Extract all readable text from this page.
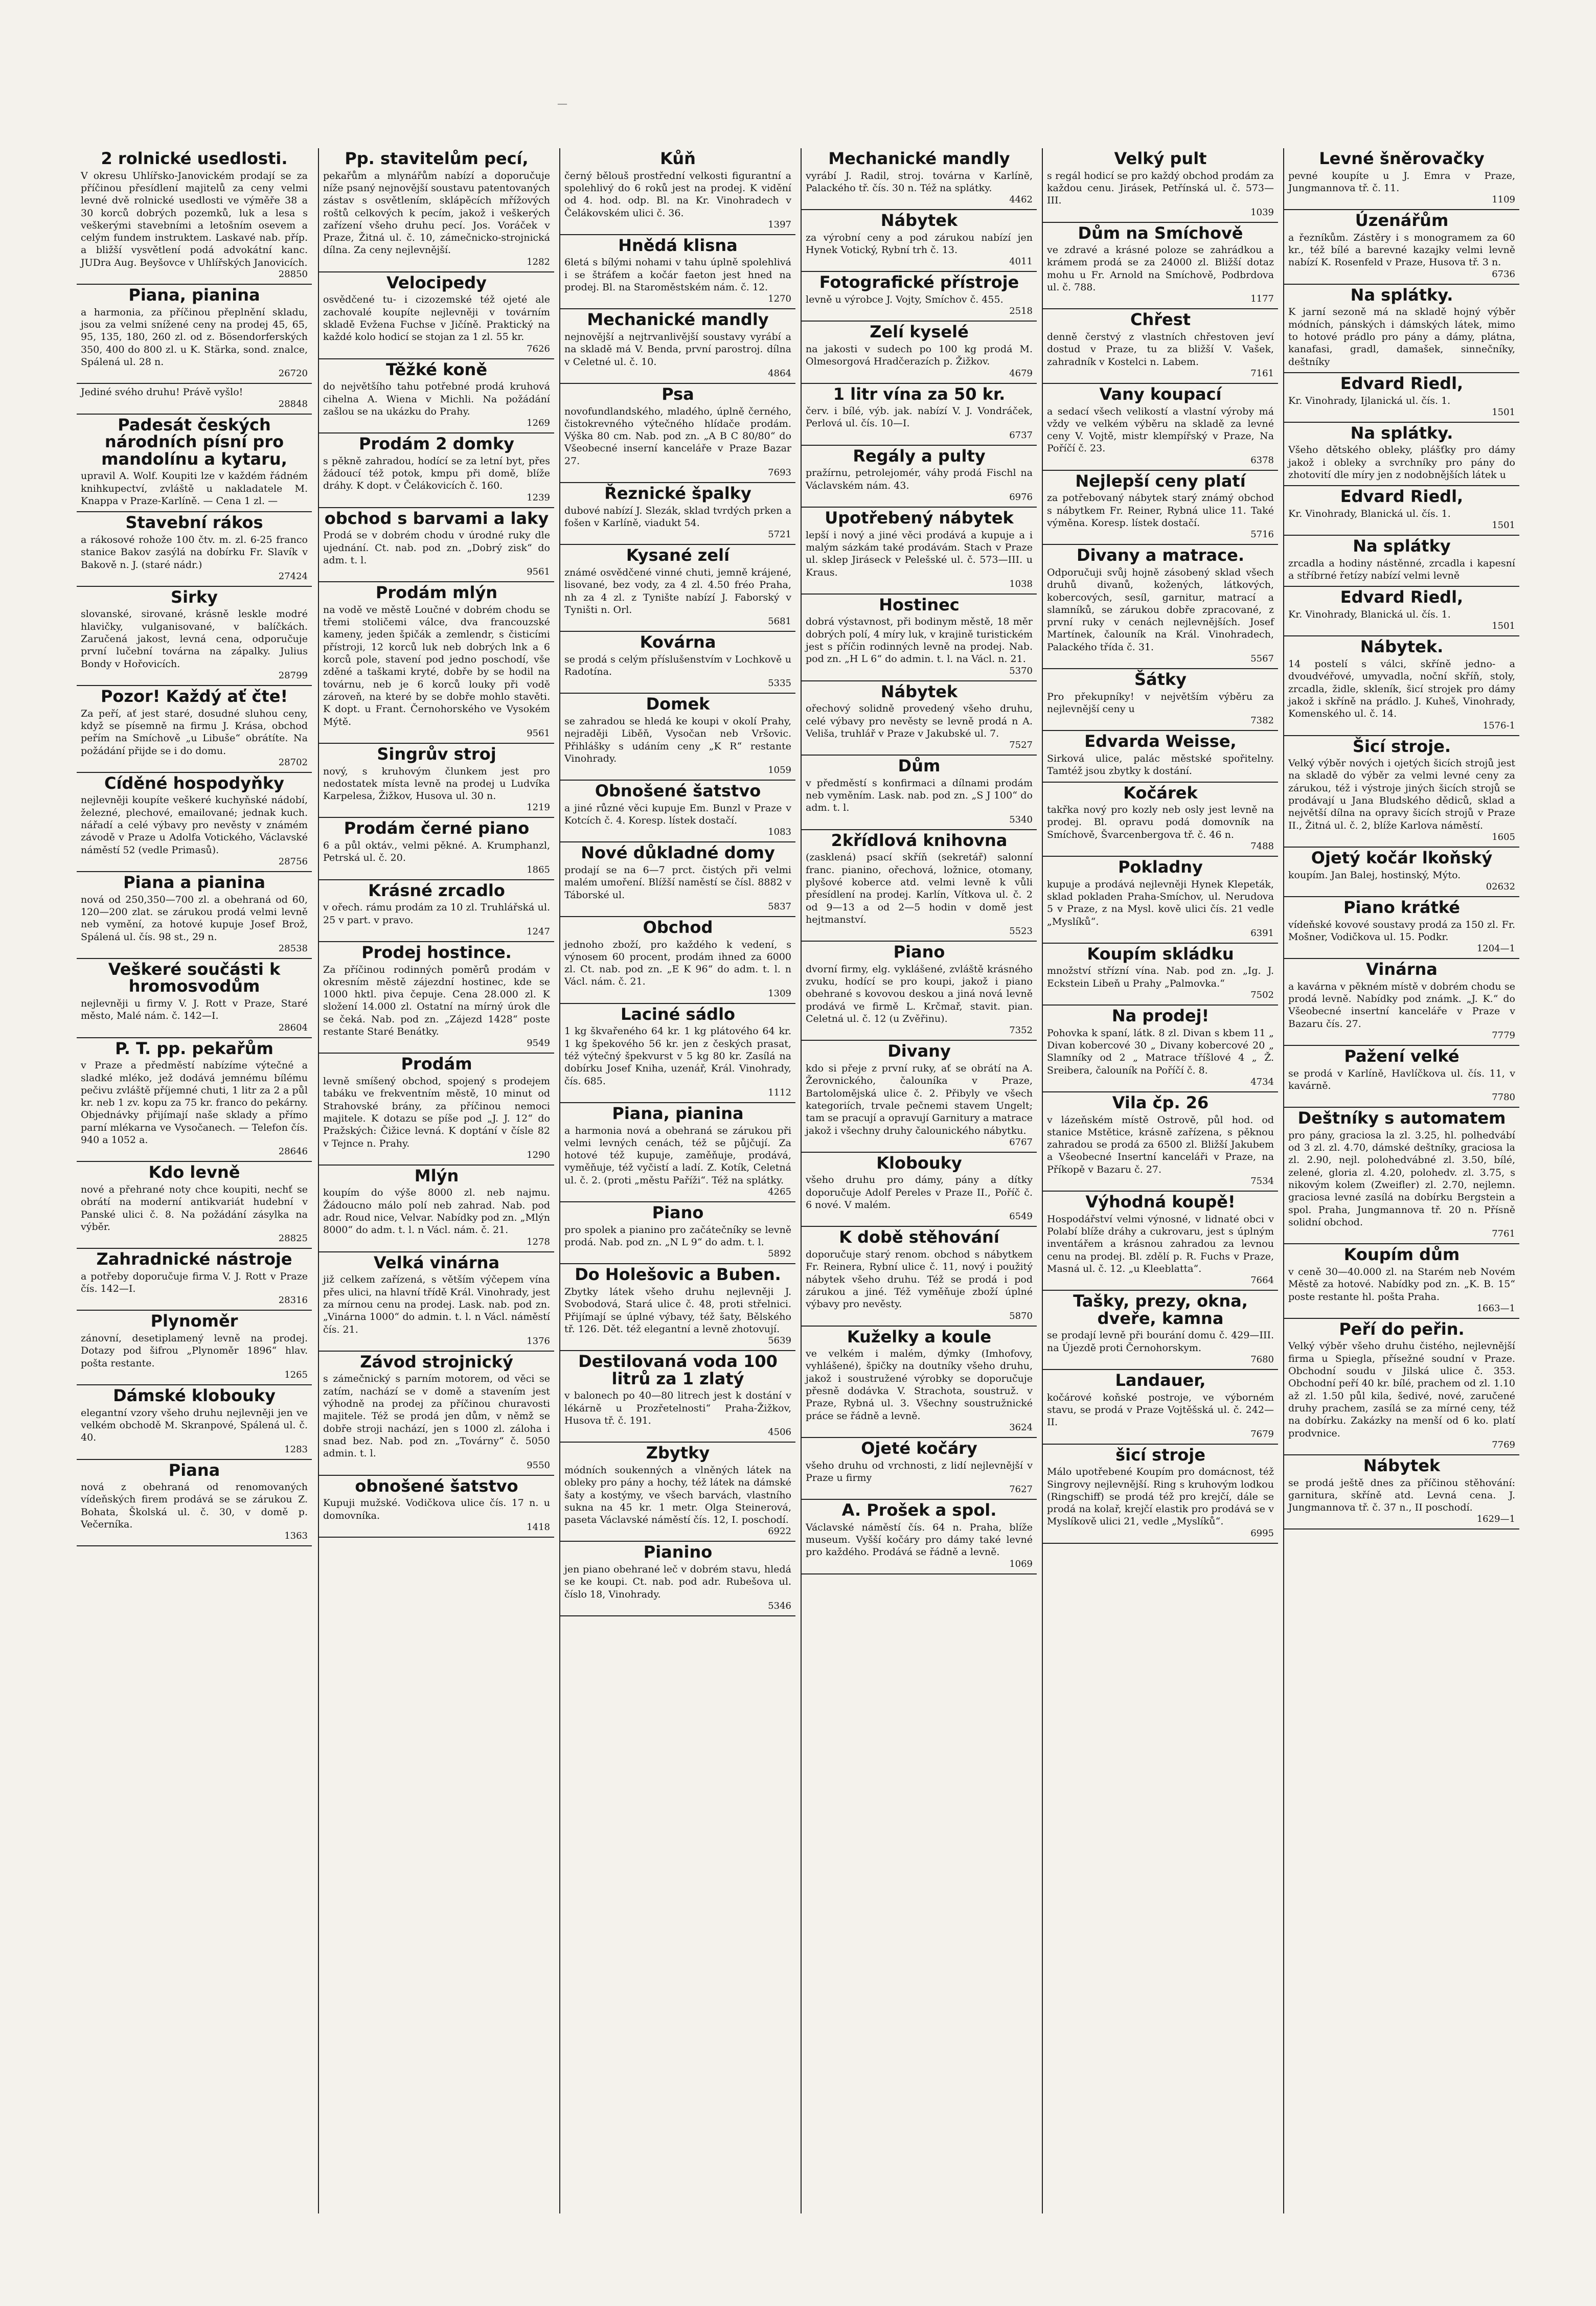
—
2 rolnické usedlosti.

V okresu Uhlířsko-Janovickém prodají se za příčinou přesídlení majitelů za ceny velmi levné dvě rolnické usedlosti ve výměře 38 a 30 korců dobrých pozemků, luk a lesa s veškerými stavebními a letošním osevem a celým fundem instruktem. Laskavé nab. příp. a bližší vysvětlení podá advokátní kanc. JUDra Aug. Beyšovce v Uhlířských Janovicích.

28850
Piana, pianina

a harmonia, za příčinou přeplnění skladu, jsou za velmi snížené ceny na prodej 45, 65, 95, 135, 180, 260 zl. od z. Bösendorferských 350, 400 do 800 zl. u K. Stärka, sond. znalce, Spálená ul. 28 n.

26720

Jediné svého druhu! Právě vyšlo!

28848
Padesát českých národních písní pro mandolínu a kytaru,

upravil A. Wolf. Koupiti lze v každém řádném knihkupectví, zvláště u nakladatele M. Knappa v Praze-Karlíně. — Cena 1 zl. —

Stavební rákos

a rákosové rohože 100 čtv. m. zl. 6-25 franco stanice Bakov zasýlá na dobírku Fr. Slavík v Bakově n. J. (staré nádr.)

27424
Sirky

slovanské, sirované, krásně leskle modré hlavičky, vulganisované, v balíčkách. Zaručená jakost, levná cena, odporučuje první lučební továrna na zápalky. Julius Bondy v Hořovicích.

28799
Pozor! Každý ať čte!

Za peří, ať jest staré, dosudné sluhou ceny, když se písemně na firmu J. Krása, obchod peřím na Smíchově „u Libuše“ obrátíte. Na požádání přijde se i do domu.

28702
Cíděné hospodyňky

nejlevněji koupíte veškeré kuchyňské nádobí, železné, plechové, emailované; jednak kuch. nářadí a celé výbavy pro nevěsty v známém závodě v Praze u Adolfa Votického, Václavské náměstí 52 (vedle Primasů).

28756
Piana a pianina

nová od 250,350—700 zl. a obehraná od 60, 120—200 zlat. se zárukou prodá velmi levně neb vymění, za hotové kupuje Josef Brož, Spálená ul. čís. 98 st., 29 n.

28538
Veškeré součásti k hromosvodům

nejlevněji u firmy V. J. Rott v Praze, Staré město, Malé nám. č. 142—I.

28604
P. T. pp. pekařům

v Praze a předměstí nabízíme výtečné a sladké mléko, jež dodává jemnému bílému pečivu zvláště příjemné chuti, 1 litr za 2 a půl kr. neb 1 zv. kopu za 75 kr. franco do pekárny. Objednávky přijímají naše sklady a přímo parní mlékarna ve Vysočanech. — Telefon čís. 940 a 1052 a.

28646
Kdo levně

nové a přehrané noty chce koupiti, nechť se obrátí na moderní antikvariát hudební v Panské ulici č. 8. Na požádání zásylka na výběr.

28825
Zahradnické nástroje

a potřeby doporučuje firma V. J. Rott v Praze čís. 142—I.

28316
Plynoměr

zánovní, desetiplamený levně na prodej. Dotazy pod šifrou „Plynoměr 1896“ hlav. pošta restante.

1265
Dámské klobouky

elegantní vzory všeho druhu nejlevněji jen ve velkém obchodě M. Skranpové, Spálená ul. č. 40.

1283
Piana

nová z obehraná od renomovaných vídeňských firem prodává se se zárukou Z. Bohata, Školská ul. č. 30, v domě p. Večerníka.

1363
Pp. stavitelům pecí,

pekařům a mlynářům nabízí a doporučuje níže psaný nejnovější soustavu patentovaných zástav s osvětlením, sklápěcích mřížových roštů celkových k pecím, jakož i veškerých zařízení všeho druhu pecí. Jos. Voráček v Praze, Žitná ul. č. 10, zámečnicko-strojnická dílna. Za ceny nejlevnější.

1282
Velocipedy

osvědčené tu- i cizozemské též ojeté ale zachovalé koupíte nejlevněji v továrním skladě Evžena Fuchse v Jičíně. Praktický na každé kolo hodicí se stojan za 1 zl. 55 kr.

7626
Těžké koně

do největšího tahu potřebné prodá kruhová cihelna A. Wiena v Michli. Na požádání zašlou se na ukázku do Prahy.

1269
Prodám 2 domky

s pěkně zahradou, hodící se za letní byt, přes žádoucí též potok, kmpu při domě, blíže dráhy. K dopt. v Čelákovicích č. 160.

1239
obchod s barvami a laky

Prodá se v dobrém chodu v úrodné ruky dle ujednání. Ct. nab. pod zn. „Dobrý zisk“ do adm. t. l.

9561
Prodám mlýn

na vodě ve městě Loučné v dobrém chodu se třemi stoličemi válce, dva francouzské kameny, jeden špičák a zemlendr, s čisticími přístroji, 12 korců luk neb dobrých lnk a 6 korců pole, stavení pod jedno poschodí, vše zděné a taškami kryté, dobře by se hodil na továrnu, neb je 6 korců louky při vodě zároveň, na které by se dobře mohlo stavěti. K dopt. u Frant. Černohorského ve Vysokém Mýtě.

9561
Singrův stroj

nový, s kruhovým člunkem jest pro nedostatek místa levně na prodej u Ludvíka Karpelesa, Žižkov, Husova ul. 30 n.

1219
Prodám černé piano

6 a půl oktáv., velmi pěkné. A. Krumphanzl, Petrská ul. č. 20.

1865
Krásné zrcadlo

v ořech. rámu prodám za 10 zl. Truhlářská ul. 25 v part. v pravo.

1247
Prodej hostince.

Za příčinou rodinných poměrů prodám v okresním městě zájezdní hostinec, kde se 1000 hktl. piva čepuje. Cena 28.000 zl. K složení 14.000 zl. Ostatní na mírný úrok dle se čeká. Nab. pod zn. „Zájezd 1428“ poste restante Staré Benátky.

9549
Prodám

levně smíšený obchod, spojený s prodejem tabáku ve frekventním městě, 10 minut od Strahovské brány, za příčinou nemoci majitele. K dotazu se píše pod „J. J. 12“ do Pražských: Čižice levná. K doptání v čísle 82 v Tejnce n. Prahy.

1290
Mlýn

koupím do výše 8000 zl. neb najmu. Žádoucno málo polí neb zahrad. Nab. pod adr. Roud nice, Velvar. Nabídky pod zn. „Mlýn 8000“ do adm. t. l. n Václ. nám. č. 21.

1278
Velká vinárna

již celkem zařízená, s větším výčepem vína přes ulici, na hlavní třídě Král. Vinohrady, jest za mírnou cenu na prodej. Lask. nab. pod zn. „Vinárna 1000“ do admin. t. l. n Václ. náměstí čís. 21.

1376
Závod strojnický

s zámečnický s parním motorem, od věci se zatím, nachází se v domě a stavením jest výhodně na prodej za příčinou churavosti majitele. Též se prodá jen dům, v němž se dobře stroji nachází, jen s 1000 zl. záloha i snad bez. Nab. pod zn. „Továrny“ č. 5050 admin. t. l.

9550
obnošené šatstvo

Kupuji mužské. Vodičkova ulice čís. 17 n. u domovníka.

1418
Kůň

černý bělouš prostřední velkosti figurantní a spolehlivý do 6 roků jest na prodej. K vidění od 4. hod. odp. Bl. na Kr. Vinohradech v Čelákovském ulici č. 36.

1397
Hnědá klisna

6letá s bílými nohami v tahu úplně spolehlivá i se štráfem a kočár faeton jest hned na prodej. Bl. na Staroměstském nám. č. 12.

1270
Mechanické mandly

nejnovější a nejtrvanlivější soustavy vyrábí a na skladě má V. Benda, první parostroj. dílna v Celetné ul. č. 10.

4864
Psa

novofundlandského, mladého, úplně černého, čistokrevného výtečného hlídače prodám. Výška 80 cm. Nab. pod zn. „A B C 80/80“ do Všeobecné inserní kanceláře v Praze Bazar 27.

7693
Řeznické špalky

dubové nabízí J. Slezák, sklad tvrdých prken a fošen v Karlíně, viadukt 54.

5721
Kysané zelí

známé osvědčené vinné chuti, jemně krájené, lisované, bez vody, za 4 zl. 4.50 fréo Praha, nh za 4 zl. z Tynište nabízí J. Faborský v Tyništi n. Orl.

5681
Kovárna

se prodá s celým příslušenstvím v Lochkově u Radotína.

5335
Domek

se zahradou se hledá ke koupi v okolí Prahy, nejraději Liběň, Vysočan neb Vršovic. Přihlášky s udáním ceny „K R“ restante Vinohrady.

1059
Obnošené šatstvo

a jiné různé věci kupuje Em. Bunzl v Praze v Kotcích č. 4. Koresp. lístek dostačí.

1083
Nové důkladné domy

prodají se na 6—7 prct. čistých při velmi malém umoření. Blížší naměstí se čísl. 8882 v Táborské ul.

5837
Obchod

jednoho zboží, pro každého k vedení, s výnosem 60 procent, prodám ihned za 6000 zl. Ct. nab. pod zn. „E K 96“ do adm. t. l. n Václ. nám. č. 21.

1309
Laciné sádlo

1 kg škvařeného 64 kr. 1 kg plátového 64 kr. 1 kg špekového 56 kr. jen z českých prasat, též výtečný špekvurst v 5 kg 80 kr. Zasílá na dobírku Josef Kniha, uzenář, Král. Vinohrady, čís. 685.

1112
Piana, pianina

a harmonia nová a obehraná se zárukou při velmi levných cenách, též se půjčují. Za hotové též kupuje, zaměňuje, prodává, vyměňuje, též vyčistí a ladí. Z. Kotík, Celetná ul. č. 2. (proti „městu Paříži“. Též na splátky.

4265
Piano

pro spolek a pianino pro začátečníky se levně prodá. Nab. pod zn. „N L 9“ do adm. t. l.

5892
Do Holešovic a Buben.

Zbytky látek všeho druhu nejlevněji J. Svobodová, Stará ulice č. 48, proti střelnici. Přijímají se úplné výbavy, též šaty, Bělského tř. 126. Dět. též elegantní a levně zhotovují.

5639
Destilovaná voda 100 litrů za 1 zlatý

v balonech po 40—80 litrech jest k dostání v lékárně u Prozřetelnosti“ Praha-Žižkov, Husova tř. č. 191.

4506
Zbytky

módních soukenných a vlněných látek na obleky pro pány a hochy, též látek na dámské šaty a kostýmy, ve všech barvách, vlastního sukna na 45 kr. 1 metr. Olga Steinerová, paseta Václavské náměstí čís. 12, I. poschodí.

6922
Pianino

jen piano obehrané leč v dobrém stavu, hledá se ke koupi. Ct. nab. pod adr. Rubešova ul. číslo 18, Vinohrady.

5346
Mechanické mandly

vyrábí J. Radil, stroj. továrna v Karlíně, Palackého tř. čís. 30 n. Též na splátky.

4462
Nábytek

za výrobní ceny a pod zárukou nabízí jen Hynek Votický, Rybní trh č. 13.

4011
Fotografické přístroje

levně u výrobce J. Vojty, Smíchov č. 455.

2518
Zelí kyselé

na jakosti v sudech po 100 kg prodá M. Olmesorgová Hradčerazích p. Žižkov.

4679
1 litr vína za 50 kr.

červ. i bílé, výb. jak. nabízí V. J. Vondráček, Perlová ul. čís. 10—I.

6737
Regály a pulty

pražírnu, petrolejomér, váhy prodá Fischl na Václavském nám. 43.

6976
Upotřebený nábytek

lepší i nový a jiné věci prodává a kupuje a i malým sázkám také prodávám. Stach v Praze ul. sklep Jiráseck v Pelešské ul. č. 573—III. u Kraus.

1038
Hostinec

dobrá výstavnost, při bodinym městě, 18 měr dobrých polí, 4 míry luk, v krajině turistickém jest s příčin rodinných levně na prodej. Nab. pod zn. „H L 6“ do admin. t. l. na Václ. n. 21.

5370
Nábytek

ořechový solidně provedený všeho druhu, celé výbavy pro nevěsty se levně prodá n A. Veliša, truhlář v Praze v Jakubské ul. 7.

7527
Dům

v předměstí s konfirmaci a dílnami prodám neb vyměním. Lask. nab. pod zn. „S J 100“ do adm. t. l.

5340
2křídlová knihovna

(zasklená) psací skříň (sekretář) salonní franc. pianino, ořechová, ložnice, otomany, plyšové koberce atd. velmi levně k vůli přesídlení na prodej. Karlín, Vítkova ul. č. 2 od 9—13 a od 2—5 hodin v domě jest hejtmanství.

5523
Piano

dvorní firmy, elg. vyklášené, zvláště krásného zvuku, hodící se pro koupi, jakož i piano obehrané s kovovou deskou a jiná nová levně prodává ve firmě L. Krčmař, stavit. pian. Celetná ul. č. 12 (u Zvěřinu).

7352
Divany

kdo si přeje z první ruky, ať se obrátí na A. Žerovnického, čalouníka v Praze, Bartolomějská ulice č. 2. Přibyly ve všech kategoriích, trvale pečnemi stavem Ungelt; tam se pracují a opravují Garnitury a matrace jakož i všechny druhy čalounického nábytku.

6767
Klobouky

všeho druhu pro dámy, pány a dítky doporučuje Adolf Pereles v Praze II., Poříč č. 6 nové. V malém.

6549
K době stěhování

doporučuje starý renom. obchod s nábytkem Fr. Reinera, Rybní ulice č. 11, nový i použitý nábytek všeho druhu. Též se prodá i pod zárukou a jiné. Též vyměňuje zboží úplné výbavy pro nevěsty.

5870
Kuželky a koule

ve velkém i malém, dýmky (Imhofovy, vyhlášené), špičky na doutníky všeho druhu, jakož i soustružené výrobky se doporučuje přesně dodávka V. Strachota, soustruž. v Praze, Rybná ul. 3. Všechny soustružnické práce se řádně a levně.

3624
Ojeté kočáry

všeho druhu od vrchnosti, z lidí nejlevnější v Praze u firmy

7627
A. Prošek a spol.

Václavské náměstí čís. 64 n. Praha, blíže museum. Vyšší kočáry pro dámy také levné pro každého. Prodává se řádně a levně.

1069
Velký pult

s regál hodicí se pro každý obchod prodám za každou cenu. Jirásek, Petřínská ul. č. 573—III.

1039
Dům na Smíchově

ve zdravé a krásné poloze se zahrádkou a krámem prodá se za 24000 zl. Bližší dotaz mohu u Fr. Arnold na Smíchově, Podbrdova ul. č. 788.

1177
Chřest

denně čerstvý z vlastních chřestoven jeví dostud v Praze, tu za bližší V. Vašek, zahradník v Kostelci n. Labem.

7161
Vany koupací

a sedací všech velikostí a vlastní výroby má vždy ve velkém výběru na skladě za levné ceny V. Vojtě, mistr klempířský v Praze, Na Poříčí č. 23.

6378
Nejlepší ceny platí

za potřebovaný nábytek starý známý obchod s nábytkem Fr. Reiner, Rybná ulice 11. Také výměna. Koresp. lístek dostačí.

5716
Divany a matrace.

Odporučuji svůj hojně zásobený sklad všech druhů divanů, kožených, látkových, kobercových, sesíl, garnitur, matrací a slamníků, se zárukou dobře zpracované, z první ruky v cenách nejlevnějších. Josef Martínek, čalouník na Král. Vinohradech, Palackého třída č. 31.

5567
Šátky

Pro překupníky! v největším výběru za nejlevnější ceny u

7382
Edvarda Weisse,

Sirková ulice, palác městské spořitelny. Tamtéž jsou zbytky k dostání.

Kočárek

takřka nový pro kozly neb osly jest levně na prodej. Bl. opravu podá domovník na Smíchově, Švarcenbergova tř. č. 46 n.

7488
Pokladny

kupuje a prodává nejlevněji Hynek Klepeták, sklad pokladen Praha-Smíchov, ul. Nerudova 5 v Praze, z na Mysl. kově ulici čís. 21 vedle „Myslíků“.

6391
Koupím skládku

množství střízní vína. Nab. pod zn. „Ig. J. Eckstein Libeň u Prahy „Palmovka.“

7502
Na prodej!

Pohovka k spaní, látk. 8 zl. Divan s kbem 11 „ Divan kobercové 30 „ Divany kobercové 20 „ Slamníky od 2 „ Matrace tříšlové 4 „ Ž. Sreibera, čalouník na Poříčí č. 8.

4734
Vila čp. 26

v lázeňském místě Ostrově, půl hod. od stanice Mstětice, krásně zařízena, s pěknou zahradou se prodá za 6500 zl. Bližší Jakubem a Všeobecné Insertní kanceláři v Praze, na Příkopě v Bazaru č. 27.

7534
Výhodná koupě!

Hospodářství velmi výnosné, v lidnaté obci v Polabí blíže dráhy a cukrovaru, jest s úplným inventářem a krásnou zahradou za levnou cenu na prodej. Bl. zdělí p. R. Fuchs v Praze, Masná ul. č. 12. „u Kleeblatta“.

7664
Tašky, prezy, okna, dveře, kamna

se prodají levně při bourání domu č. 429—III. na Újezdě proti Černohorskym.

7680
Landauer,

kočárové koňské postroje, ve výborném stavu, se prodá v Praze Vojtěšská ul. č. 242—II.

7679
šicí stroje

Málo upotřebené Koupím pro domácnost, též Singrovy nejlevnější. Ring s kruhovým lodkou (Ringschiff) se prodá též pro krejčí, dále se prodá na kolař, krejčí elastik pro prodává se v Myslíkově ulici 21, vedle „Myslíků“.

6995
Levné šněrovačky

pevné koupíte u J. Emra v Praze, Jungmannova tř. č. 11.

1109
Úzenářům

a řezníkům. Zástěry i s monogramem za 60 kr., též bílé a barevné kazajky velmi levně nabízí K. Rosenfeld v Praze, Husova tř. 3 n.

6736
Na splátky.

K jarní sezoně má na skladě hojný výběr módních, pánských i dámských látek, mimo to hotové prádlo pro pány a dámy, plátna, kanafasi, gradl, damašek, sinnečníky, deštníky

Edvard Riedl,

Kr. Vinohrady, Ijlanická ul. čís. 1.

1501
Na splátky.

Všeho dětského obleky, plášťky pro dámy jakož i obleky a svrchníky pro pány do zhotovití dle míry jen z nodobnějších látek u

Edvard Riedl,

Kr. Vinohrady, Blanická ul. čís. 1.

1501
Na splátky

zrcadla a hodiny nástěnné, zrcadla i kapesní a stříbrné řetízy nabízí velmi levně

Edvard Riedl,

Kr. Vinohrady, Blanická ul. čís. 1.

1501
Nábytek.

14 postelí s válci, skříně jedno- a dvoudvéřové, umyvadla, noční skříň, stoly, zrcadla, židle, skleník, šicí strojek pro dámy jakož i skříně na prádlo. J. Kuheš, Vinohrady, Komenského ul. č. 14.

1576-1
Šicí stroje.

Velký výběr nových i ojetých šicích strojů jest na skladě do výběr za velmi levné ceny za zárukou, též i výstroje jiných šicích strojů se prodávají u Jana Bludského dědiců, sklad a největší dílna na opravy šicích strojů v Praze II., Žitná ul. č. 2, blíže Karlova náměstí.

1605
Ojetý kočár lkoňský

koupím. Jan Balej, hostinský, Mýto.

02632
Piano krátké

vídeňské kovové soustavy prodá za 150 zl. Fr. Mošner, Vodičkova ul. 15. Podkr.

1204—1
Vinárna

a kavárna v pěkném místě v dobrém chodu se prodá levně. Nabídky pod známk. „J. K.“ do Všeobecné insertní kanceláře v Praze v Bazaru čís. 27.

7779
Pažení velké

se prodá v Karlíně, Havlíčkova ul. čís. 11, v kavárně.

7780
Deštníky s automatem

pro pány, graciosa la zl. 3.25, hl. polhedvábí od 3 zl. zl. 4.70, dámské deštníky, graciosa la zl. 2.90, nejl. polohedvábné zl. 3.50, bílé, zelené, gloria zl. 4.20, polohedv. zl. 3.75, s nikovým kolem (Zweifler) zl. 2.70, nejlemn. graciosa levné zasílá na dobírku Bergstein a spol. Praha, Jungmannova tř. 20 n. Přísně solidní obchod.

7761
Koupím dům

v ceně 30—40.000 zl. na Starém neb Novém Městě za hotové. Nabídky pod zn. „K. B. 15“ poste restante hl. pošta Praha.

1663—1
Peří do peřin.

Velký výběr všeho druhu čistého, nejlevnější firma u Spiegla, přísežné soudní v Praze. Obchodní soudu v Jilská ulice č. 353. Obchodní peří 40 kr. bílé, prachem od zl. 1.10 až zl. 1.50 půl kila, šedivé, nové, zaručené druhy prachem, zasílá se za mírné ceny, též na dobírku. Zakázky na menší od 6 ko. platí prodvnice.

7769
Nábytek

se prodá ještě dnes za příčinou stěhování: garnitura, skříně atd. Levná cena. J. Jungmannova tř. č. 37 n., II poschodí.

1629—1
